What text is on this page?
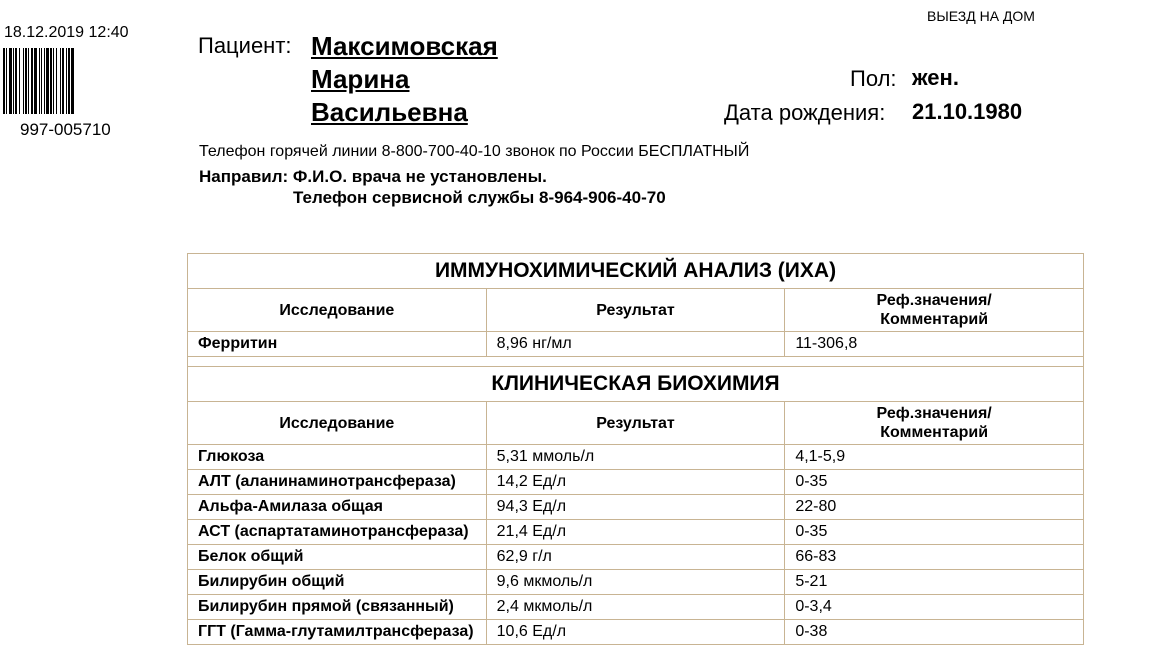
18.12.2019 12:40
997-005710
ВЫЕЗД НА ДОМ
Пациент: Максимовская
Марина
Васильевна
Пол: жен.
Дата рождения: 21.10.1980
Телефон горячей линии 8-800-700-40-10 звонок по России БЕСПЛАТНЫЙ
Направил: Ф.И.О. врача не установлены.
Телефон сервисной службы 8-964-906-40-70
ИММУНОХИМИЧЕСКИЙ АНАЛИЗ (ИХА)		
Исследование	Результат	Реф.значения/
Комментарий
Ферритин	8,96 нг/мл	11-306,8

КЛИНИЧЕСКАЯ БИОХИМИЯ		
Исследование	Результат	Реф.значения/
Комментарий
Глюкоза	5,31 ммоль/л	4,1-5,9
АЛТ (аланинаминотрансфераза)	14,2 Ед/л	0-35
Альфа-Амилаза общая	94,3 Ед/л	22-80
АСТ (аспартатаминотрансфераза)	21,4 Ед/л	0-35
Белок общий	62,9 г/л	66-83
Билирубин общий	9,6 мкмоль/л	5-21
Билирубин прямой (связанный)	2,4 мкмоль/л	0-3,4
ГГТ (Гамма-глутамилтрансфераза)	10,6 Ед/л	0-38
